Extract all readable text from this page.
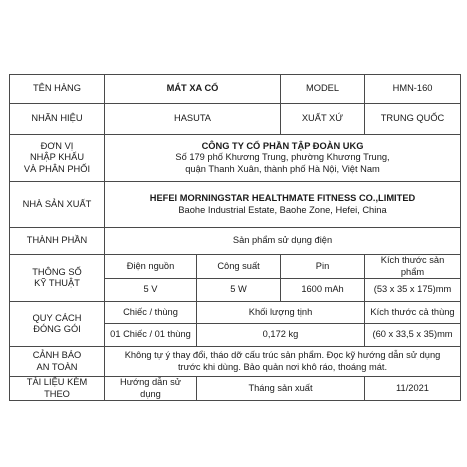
TÊN HÀNG	MÁT XA CỔ		MODEL	HMN-160
NHÃN HIỆU	HASUTA		XUẤT XỨ	TRUNG QUỐC

ĐƠN VỊ
NHẬP KHẨU
VÀ PHÂN PHỐI	CÔNG TY CỔ PHẦN TẬP ĐOÀN UKG
Số 179 phố Khương Trung, phường Khương Trung,
quận Thanh Xuân, thành phố Hà Nội, Việt Nam			

NHÀ SẢN XUẤT	HEFEI MORNINGSTAR HEALTHMATE FITNESS CO.,LIMITED
Baohe Industrial Estate, Baohe Zone, Hefei, China			

THÀNH PHẦN	Sản phẩm sử dụng điện			

THÔNG SỐ
KỸ THUẬT	Điện nguồn	Công suất	Pin	Kích thước sản phẩm
	5 V	5 W	1600 mAh	(53 x 35 x 175)mm

QUY CÁCH
ĐÓNG GÓI	Chiếc / thùng	Khối lượng tịnh		Kích thước cả thùng
	01 Chiếc / 01 thùng	0,172 kg		(60 x 33,5 x 35)mm

CẢNH BÁO
AN TOÀN	Không tự ý thay đổi, tháo dỡ cấu trúc sản phẩm. Đọc kỹ hướng dẫn sử dụng
trước khi dùng. Bảo quản nơi khô ráo, thoáng mát.			

TÀI LIỆU KÈM THEO	Hướng dẫn sử dụng	Tháng sản xuất		11/2021
